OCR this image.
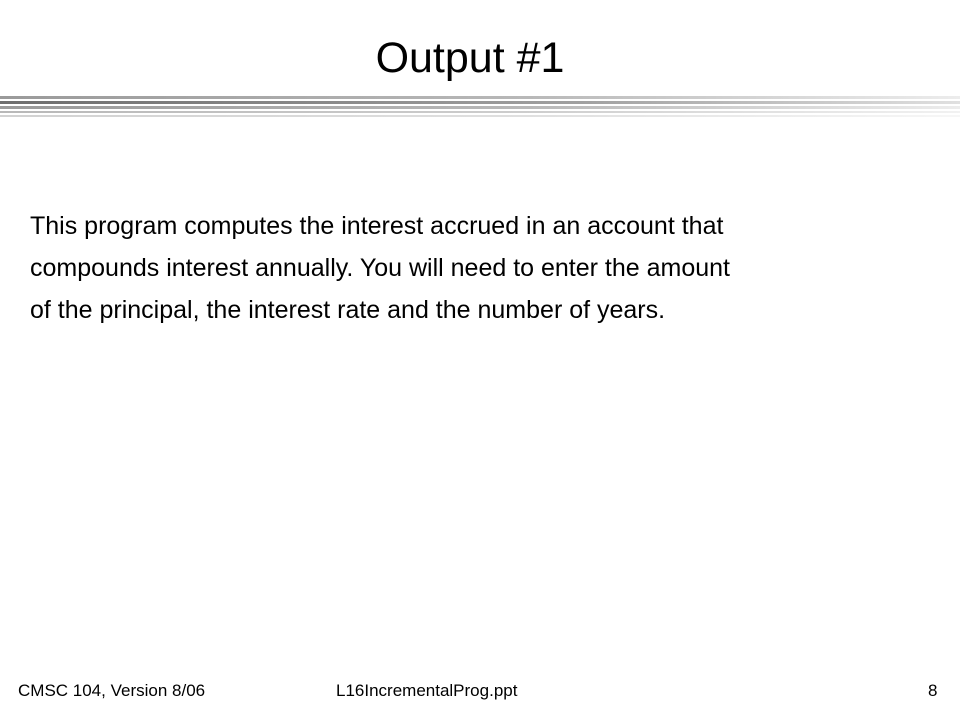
Output #1
This program computes the interest accrued in an account that
compounds interest annually. You will need to enter the amount
of the principal, the interest rate and the number of years.
CMSC 104, Version 8/06	L16IncrementalProg.ppt	8
